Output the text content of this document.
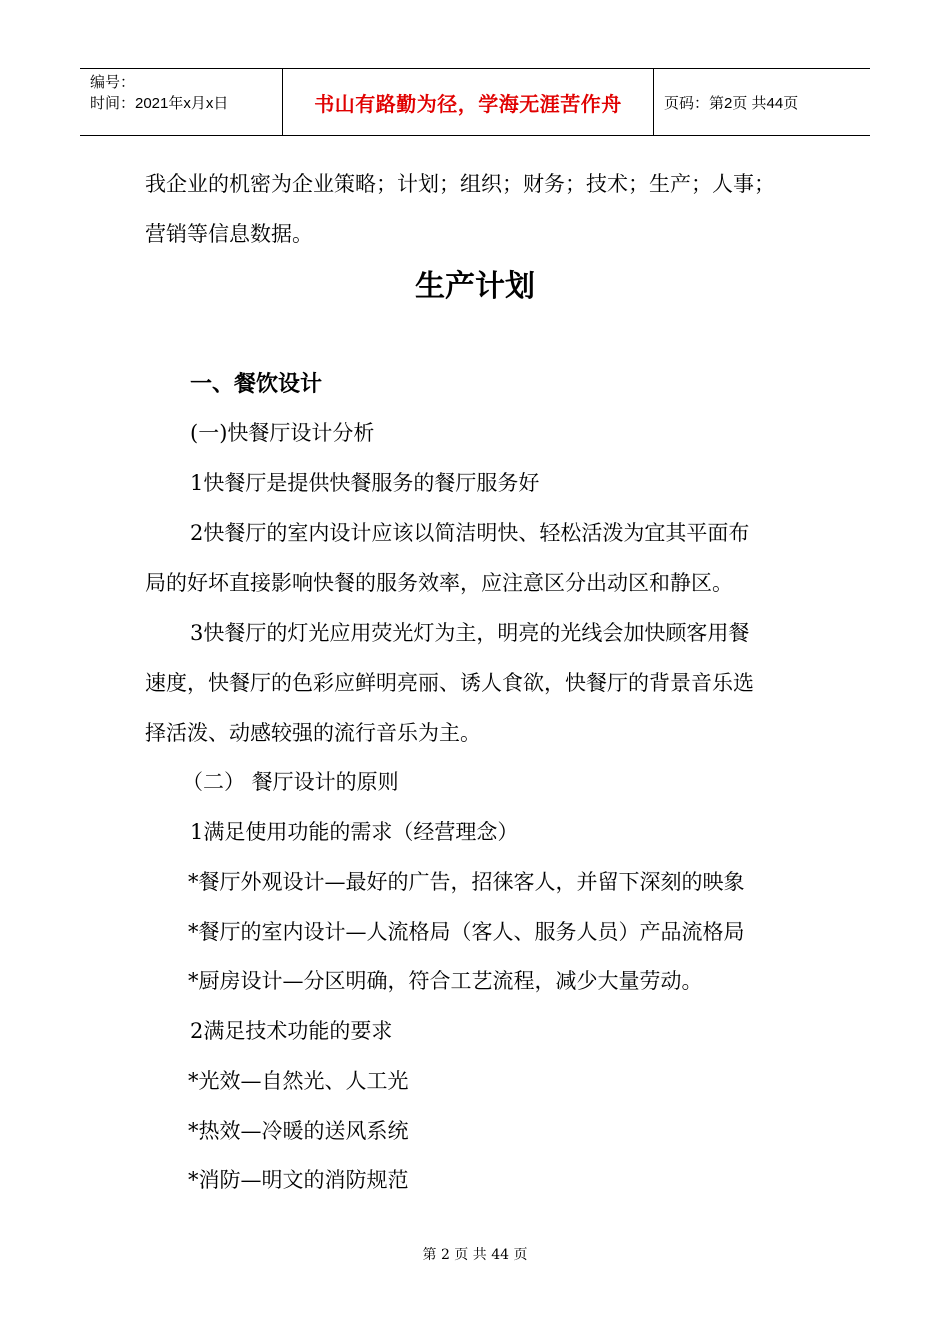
编号：
时间：2021年x月x日	书山有路勤为径，学海无涯苦作舟	页码：第2页 共44页

我企业的机密为企业策略；计划；组织；财务；技术；生产；人事；

营销等信息数据。

生产计划
一、餐饮设计

(一)快餐厅设计分析

1快餐厅是提供快餐服务的餐厅服务好

2快餐厅的室内设计应该以简洁明快、轻松活泼为宜其平面布

局的好坏直接影响快餐的服务效率，应注意区分出动区和静区。

3快餐厅的灯光应用荧光灯为主，明亮的光线会加快顾客用餐

速度，快餐厅的色彩应鲜明亮丽、诱人食欲，快餐厅的背景音乐选

择活泼、动感较强的流行音乐为主。

（二） 餐厅设计的原则

1满足使用功能的需求（经营理念）

*餐厅外观设计—最好的广告，招徕客人，并留下深刻的映象

*餐厅的室内设计—人流格局（客人、服务人员）产品流格局

*厨房设计—分区明确，符合工艺流程，减少大量劳动。

2满足技术功能的要求

*光效—自然光、人工光

*热效—冷暖的送风系统

*消防—明文的消防规范

第 2 页 共 44 页
